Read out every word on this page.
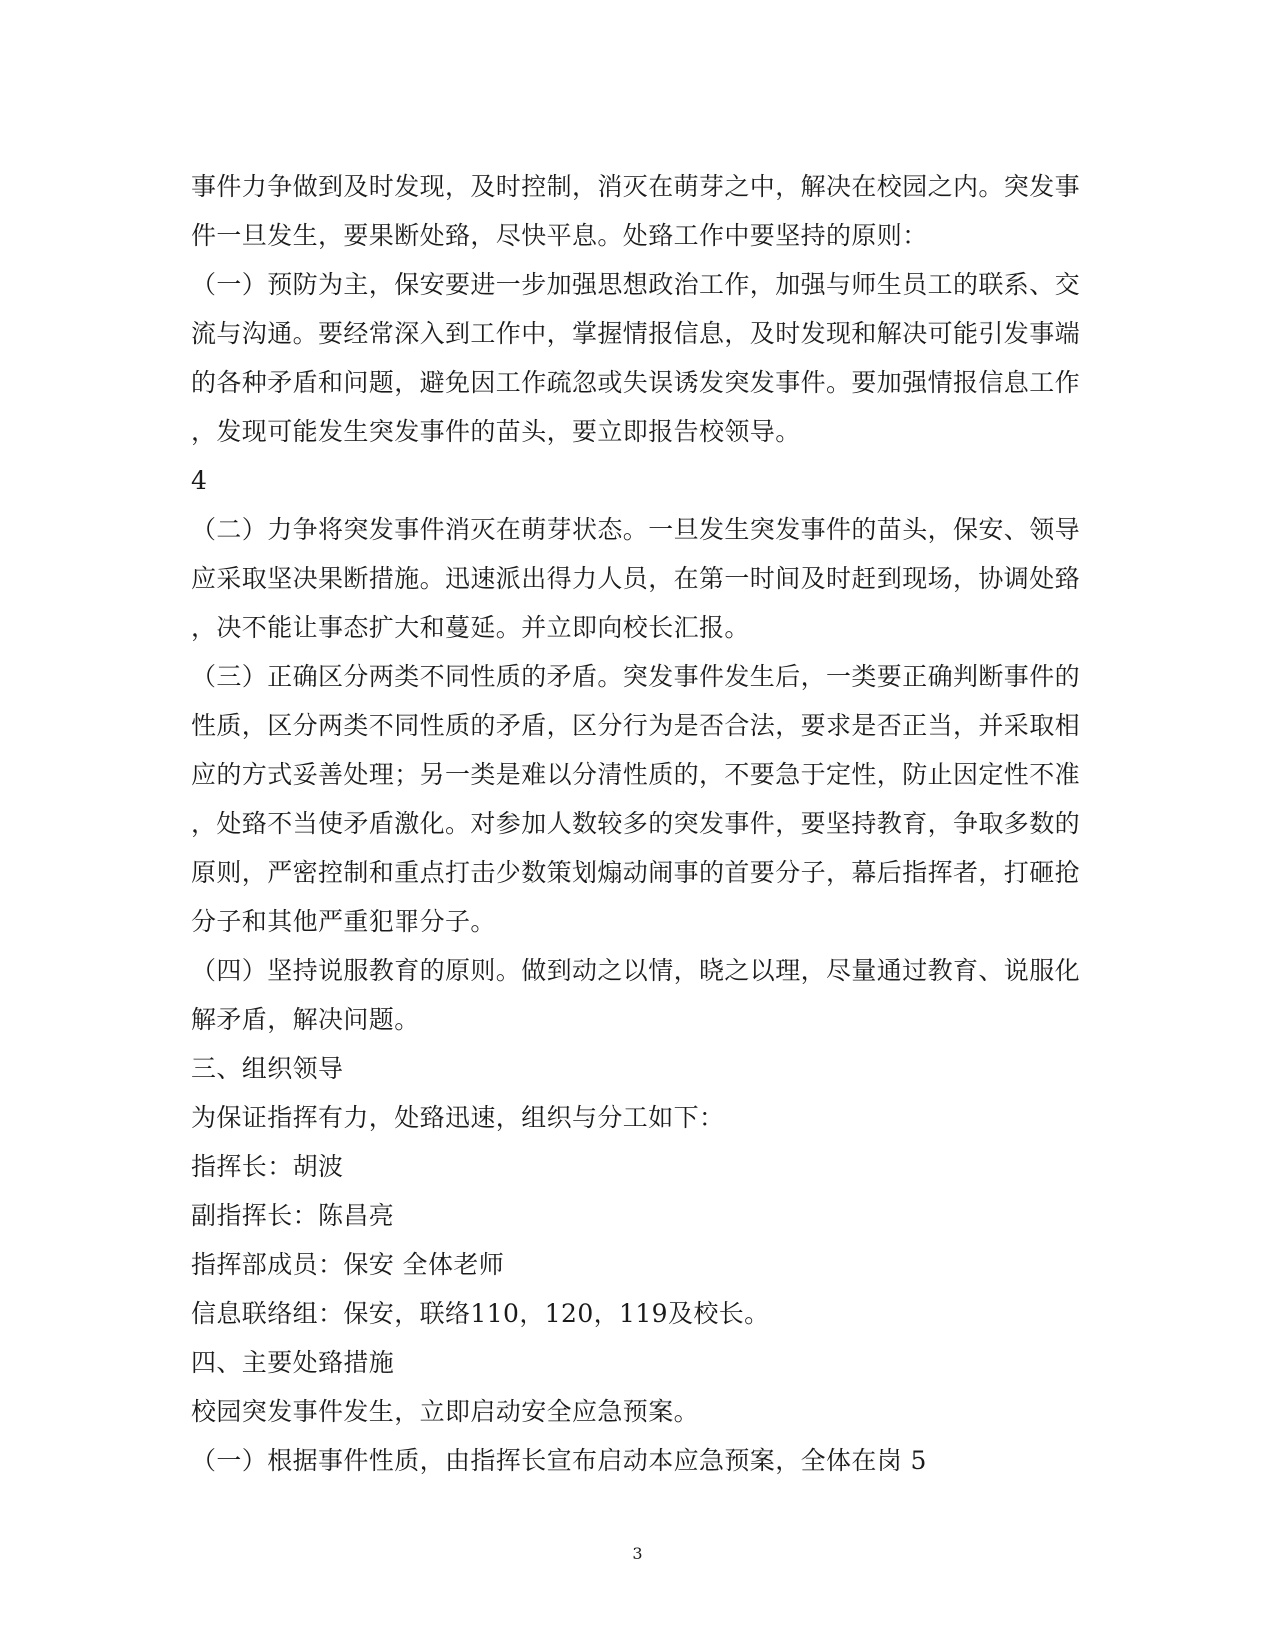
事件力争做到及时发现，及时控制，消灭在萌芽之中，解决在校园之内。突发事
件一旦发生，要果断处臵，尽快平息。处臵工作中要坚持的原则：
（一）预防为主，保安要进一步加强思想政治工作，加强与师生员工的联系、交
流与沟通。要经常深入到工作中，掌握情报信息，及时发现和解决可能引发事端
的各种矛盾和问题，避免因工作疏忽或失误诱发突发事件。要加强情报信息工作
，发现可能发生突发事件的苗头，要立即报告校领导。
4
（二）力争将突发事件消灭在萌芽状态。一旦发生突发事件的苗头，保安、领导
应采取坚决果断措施。迅速派出得力人员，在第一时间及时赶到现场，协调处臵
，决不能让事态扩大和蔓延。并立即向校长汇报。
（三）正确区分两类不同性质的矛盾。突发事件发生后，一类要正确判断事件的
性质，区分两类不同性质的矛盾，区分行为是否合法，要求是否正当，并采取相
应的方式妥善处理；另一类是难以分清性质的，不要急于定性，防止因定性不准
，处臵不当使矛盾激化。对参加人数较多的突发事件，要坚持教育，争取多数的
原则，严密控制和重点打击少数策划煽动闹事的首要分子，幕后指挥者，打砸抢
分子和其他严重犯罪分子。
（四）坚持说服教育的原则。做到动之以情，晓之以理，尽量通过教育、说服化
解矛盾，解决问题。
三、组织领导
为保证指挥有力，处臵迅速，组织与分工如下：
指挥长：胡波
副指挥长：陈昌亮
指挥部成员：保安 全体老师
信息联络组：保安，联络110，120，119及校长。
四、主要处臵措施
校园突发事件发生，立即启动安全应急预案。
（一）根据事件性质，由指挥长宣布启动本应急预案，全体在岗 5
3
